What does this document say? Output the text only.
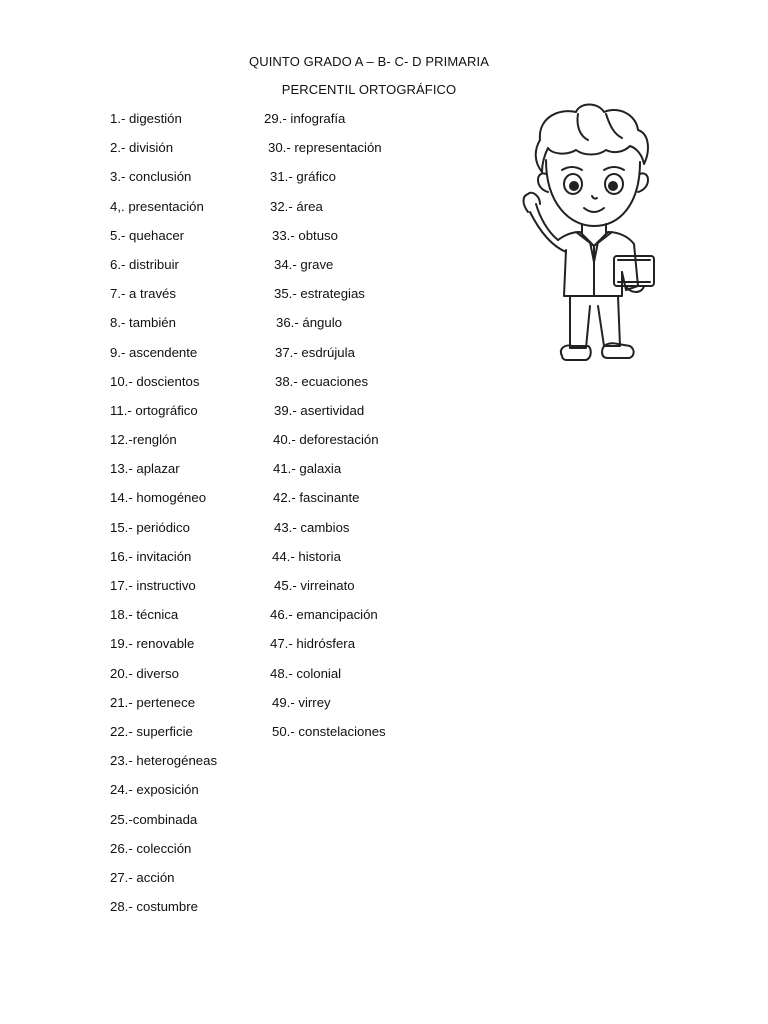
QUINTO GRADO A – B- C- D PRIMARIA
PERCENTIL ORTOGRÁFICO
1.- digestión
2.- división
3.- conclusión
4,. presentación
5.- quehacer
6.- distribuir
7.- a través
8.- también
9.- ascendente
10.- doscientos
11.- ortográfico
12.-renglón
13.- aplazar
14.- homogéneo
15.- periódico
16.- invitación
17.- instructivo
18.- técnica
19.- renovable
20.- diverso
21.- pertenece
22.- superficie
23.- heterogéneas
24.- exposición
25.-combinada
26.- colección
27.- acción
28.- costumbre
29.- infografía
30.- representación
31.- gráfico
32.- área
33.- obtuso
34.- grave
35.- estrategias
36.- ángulo
37.- esdrújula
38.- ecuaciones
39.- asertividad
40.- deforestación
41.- galaxia
42.- fascinante
43.- cambios
44.- historia
45.- virreinato
46.- emancipación
47.- hidrósfera
48.- colonial
49.- virrey
50.- constelaciones
